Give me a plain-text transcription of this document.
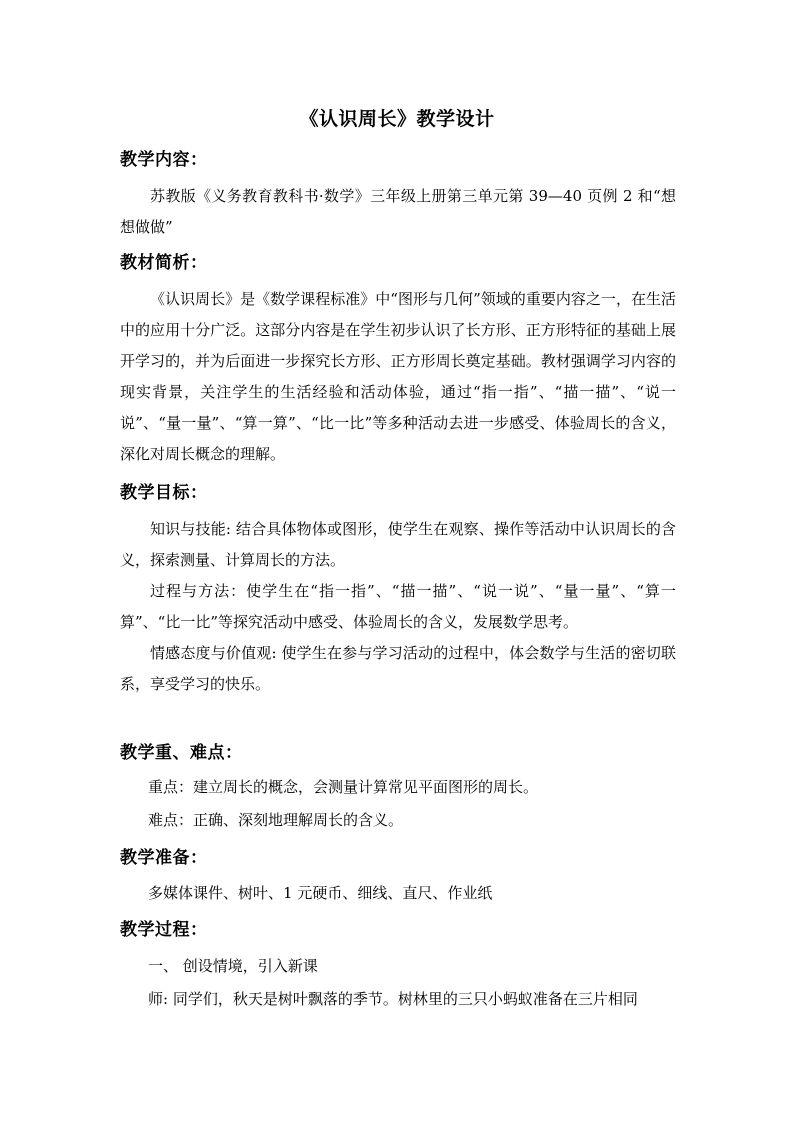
《认识周长》教学设计
教学内容：

苏教版《义务教育教科书·数学》三年级上册第三单元第 39—40 页例 2 和“想想做做”

教材简析：

《认识周长》是《数学课程标准》中“图形与几何”领域的重要内容之一，在生活中的应用十分广泛。这部分内容是在学生初步认识了长方形、正方形特征的基础上展开学习的，并为后面进一步探究长方形、正方形周长奠定基础。教材强调学习内容的现实背景，关注学生的生活经验和活动体验，通过“指一指”、“描一描”、“说一说”、“量一量”、“算一算”、“比一比”等多种活动去进一步感受、体验周长的含义，深化对周长概念的理解。

教学目标：

知识与技能: 结合具体物体或图形，使学生在观察、操作等活动中认识周长的含义，探索测量、计算周长的方法。

过程与方法：使学生在“指一指”、“描一描”、“说一说”、“量一量”、“算一算”、“比一比”等探究活动中感受、体验周长的含义，发展数学思考。

情感态度与价值观: 使学生在参与学习活动的过程中，体会数学与生活的密切联系，享受学习的快乐。

教学重、难点：
重点：建立周长的概念，会测量计算常见平面图形的周长。
难点：正确、深刻地理解周长的含义。
教学准备：
多媒体课件、树叶、1 元硬币、细线、直尺、作业纸
教学过程：
一、 创设情境，引入新课
师: 同学们，秋天是树叶飘落的季节。树林里的三只小蚂蚁准备在三片相同
